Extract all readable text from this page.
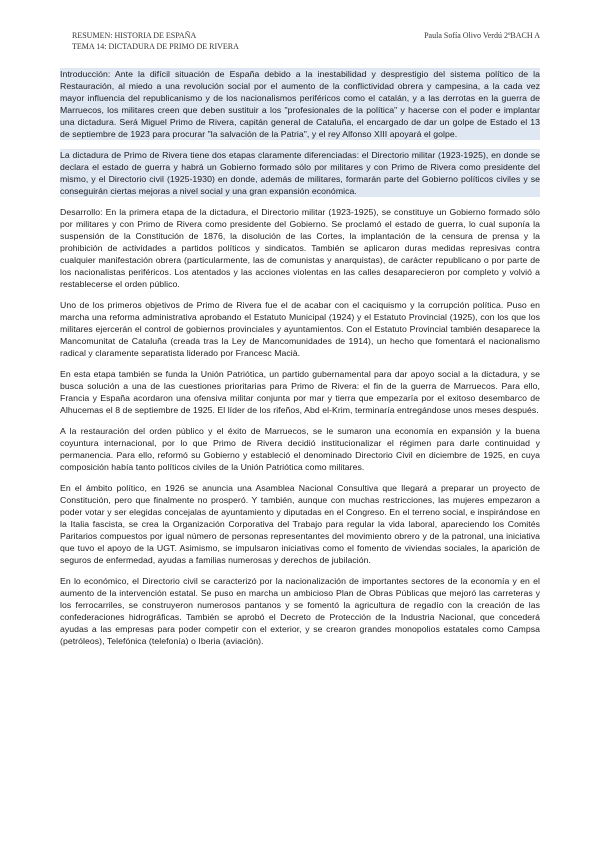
RESUMEN: HISTORIA DE ESPAÑA
TEMA 14: DICTADURA DE PRIMO DE RIVERA
Paula Sofía Olivo Verdú 2ºBACH A

Introducción: Ante la difícil situación de España debido a la inestabilidad y desprestigio del sistema político de la Restauración, al miedo a una revolución social por el aumento de la conflictividad obrera y campesina, a la cada vez mayor influencia del republicanismo y de los nacionalismos periféricos como el catalán, y a las derrotas en la guerra de Marruecos, los militares creen que deben sustituir a los "profesionales de la política" y hacerse con el poder e implantar una dictadura. Será Miguel Primo de Rivera, capitán general de Cataluña, el encargado de dar un golpe de Estado el 13 de septiembre de 1923 para procurar "la salvación de la Patria", y el rey Alfonso XIII apoyará el golpe.

La dictadura de Primo de Rivera tiene dos etapas claramente diferenciadas: el Directorio militar (1923-1925), en donde se declara el estado de guerra y habrá un Gobierno formado sólo por militares y con Primo de Rivera como presidente del mismo, y el Directorio civil (1925-1930) en donde, además de militares, formarán parte del Gobierno políticos civiles y se conseguirán ciertas mejoras a nivel social y una gran expansión económica.

Desarrollo: En la primera etapa de la dictadura, el Directorio militar (1923-1925), se constituye un Gobierno formado sólo por militares y con Primo de Rivera como presidente del Gobierno. Se proclamó el estado de guerra, lo cual suponía la suspensión de la Constitución de 1876, la disolución de las Cortes, la implantación de la censura de prensa y la prohibición de actividades a partidos políticos y sindicatos. También se aplicaron duras medidas represivas contra cualquier manifestación obrera (particularmente, las de comunistas y anarquistas), de carácter republicano o por parte de los nacionalistas periféricos. Los atentados y las acciones violentas en las calles desaparecieron por completo y volvió a restablecerse el orden público.

Uno de los primeros objetivos de Primo de Rivera fue el de acabar con el caciquismo y la corrupción política. Puso en marcha una reforma administrativa aprobando el Estatuto Municipal (1924) y el Estatuto Provincial (1925), con los que los militares ejercerán el control de gobiernos provinciales y ayuntamientos. Con el Estatuto Provincial también desaparece la Mancomunitat de Cataluña (creada tras la Ley de Mancomunidades de 1914), un hecho que fomentará el nacionalismo radical y claramente separatista liderado por Francesc Macià.

En esta etapa también se funda la Unión Patriótica, un partido gubernamental para dar apoyo social a la dictadura, y se busca solución a una de las cuestiones prioritarias para Primo de Rivera: el fin de la guerra de Marruecos. Para ello, Francia y España acordaron una ofensiva militar conjunta por mar y tierra que empezaría por el exitoso desembarco de Alhucemas el 8 de septiembre de 1925. El líder de los rifeños, Abd el-Krim, terminaría entregándose unos meses después.

A la restauración del orden público y el éxito de Marruecos, se le sumaron una economía en expansión y la buena coyuntura internacional, por lo que Primo de Rivera decidió institucionalizar el régimen para darle continuidad y permanencia. Para ello, reformó su Gobierno y estableció el denominado Directorio Civil en diciembre de 1925, en cuya composición había tanto políticos civiles de la Unión Patriótica como militares.

En el ámbito político, en 1926 se anuncia una Asamblea Nacional Consultiva que llegará a preparar un proyecto de Constitución, pero que finalmente no prosperó. Y también, aunque con muchas restricciones, las mujeres empezaron a poder votar y ser elegidas concejalas de ayuntamiento y diputadas en el Congreso. En el terreno social, e inspirándose en la Italia fascista, se crea la Organización Corporativa del Trabajo para regular la vida laboral, apareciendo los Comités Paritarios compuestos por igual número de personas representantes del movimiento obrero y de la patronal, una iniciativa que tuvo el apoyo de la UGT. Asimismo, se impulsaron iniciativas como el fomento de viviendas sociales, la aparición de seguros de enfermedad, ayudas a familias numerosas y derechos de jubilación.

En lo económico, el Directorio civil se caracterizó por la nacionalización de importantes sectores de la economía y en el aumento de la intervención estatal. Se puso en marcha un ambicioso Plan de Obras Públicas que mejoró las carreteras y los ferrocarriles, se construyeron numerosos pantanos y se fomentó la agricultura de regadío con la creación de las confederaciones hidrográficas. También se aprobó el Decreto de Protección de la Industria Nacional, que concederá ayudas a las empresas para poder competir con el exterior, y se crearon grandes monopolios estatales como Campsa (petróleos), Telefónica (telefonía) o Iberia (aviación).
